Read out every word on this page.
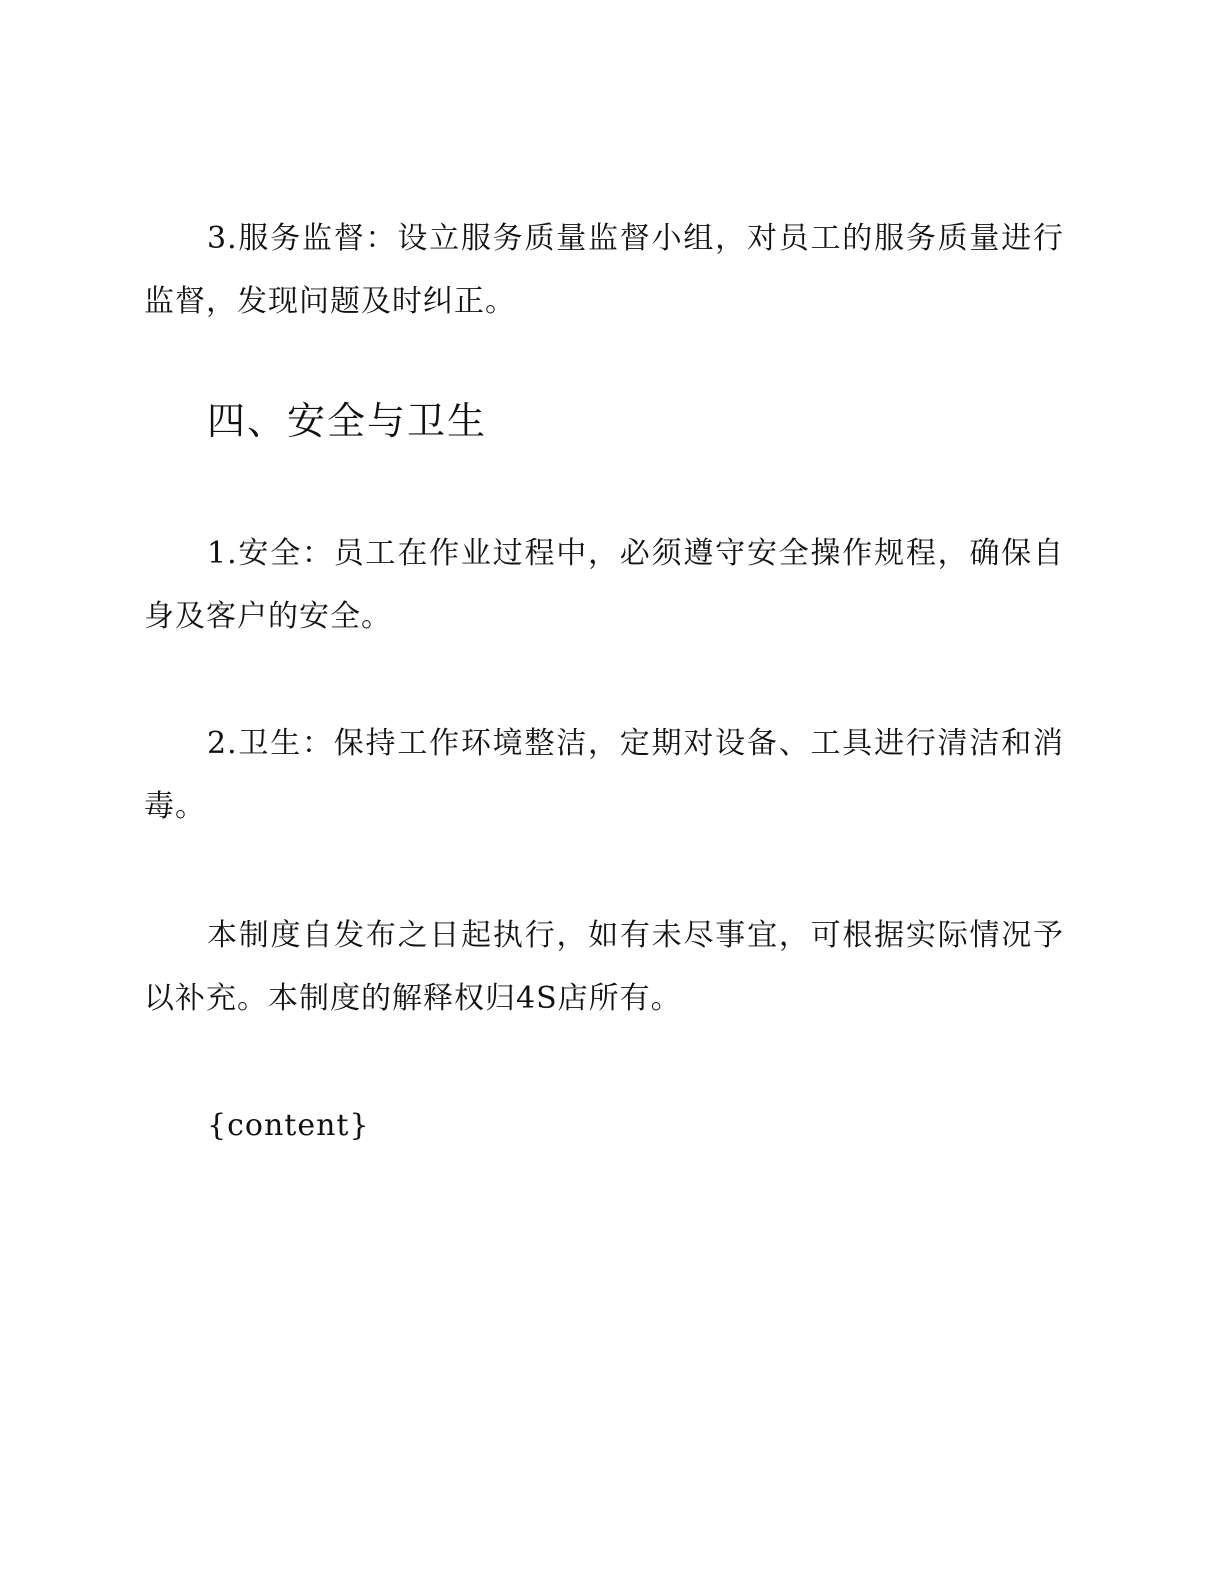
3.服务监督：设立服务质量监督小组，对员工的服务质量进行监督，发现问题及时纠正。

四、安全与卫生

1.安全：员工在作业过程中，必须遵守安全操作规程，确保自身及客户的安全。

2.卫生：保持工作环境整洁，定期对设备、工具进行清洁和消毒。

本制度自发布之日起执行，如有未尽事宜，可根据实际情况予以补充。本制度的解释权归4S店所有。

{content}
